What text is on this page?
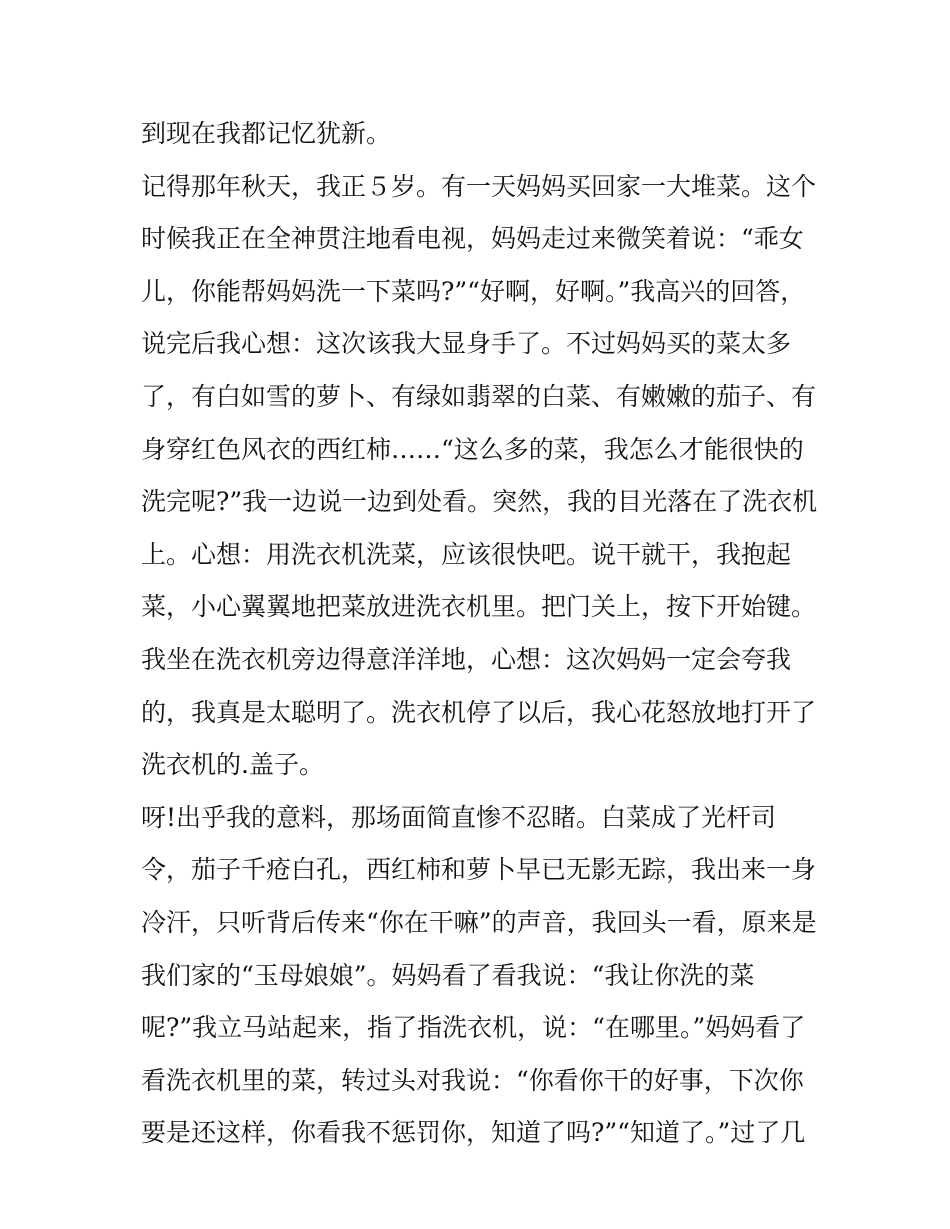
到现在我都记忆犹新。
记得那年秋天，我正５岁。有一天妈妈买回家一大堆菜。这个
时候我正在全神贯注地看电视，妈妈走过来微笑着说：“乖女
儿，你能帮妈妈洗一下菜吗?”“好啊，好啊。”我高兴的回答，
说完后我心想：这次该我大显身手了。不过妈妈买的菜太多
了，有白如雪的萝卜、有绿如翡翠的白菜、有嫩嫩的茄子、有
身穿红色风衣的西红柿……“这么多的菜，我怎么才能很快的
洗完呢?”我一边说一边到处看。突然，我的目光落在了洗衣机
上。心想：用洗衣机洗菜，应该很快吧。说干就干，我抱起
菜，小心翼翼地把菜放进洗衣机里。把门关上，按下开始键。
我坐在洗衣机旁边得意洋洋地，心想：这次妈妈一定会夸我
的，我真是太聪明了。洗衣机停了以后，我心花怒放地打开了
洗衣机的.盖子。
呀!出乎我的意料，那场面简直惨不忍睹。白菜成了光杆司
令，茄子千疮白孔，西红柿和萝卜早已无影无踪，我出来一身
冷汗，只听背后传来“你在干嘛”的声音，我回头一看，原来是
我们家的“玉母娘娘”。妈妈看了看我说：“我让你洗的菜
呢?”我立马站起来，指了指洗衣机，说：“在哪里。”妈妈看了
看洗衣机里的菜，转过头对我说：“你看你干的好事，下次你
要是还这样，你看我不惩罚你，知道了吗?”“知道了。”过了几
